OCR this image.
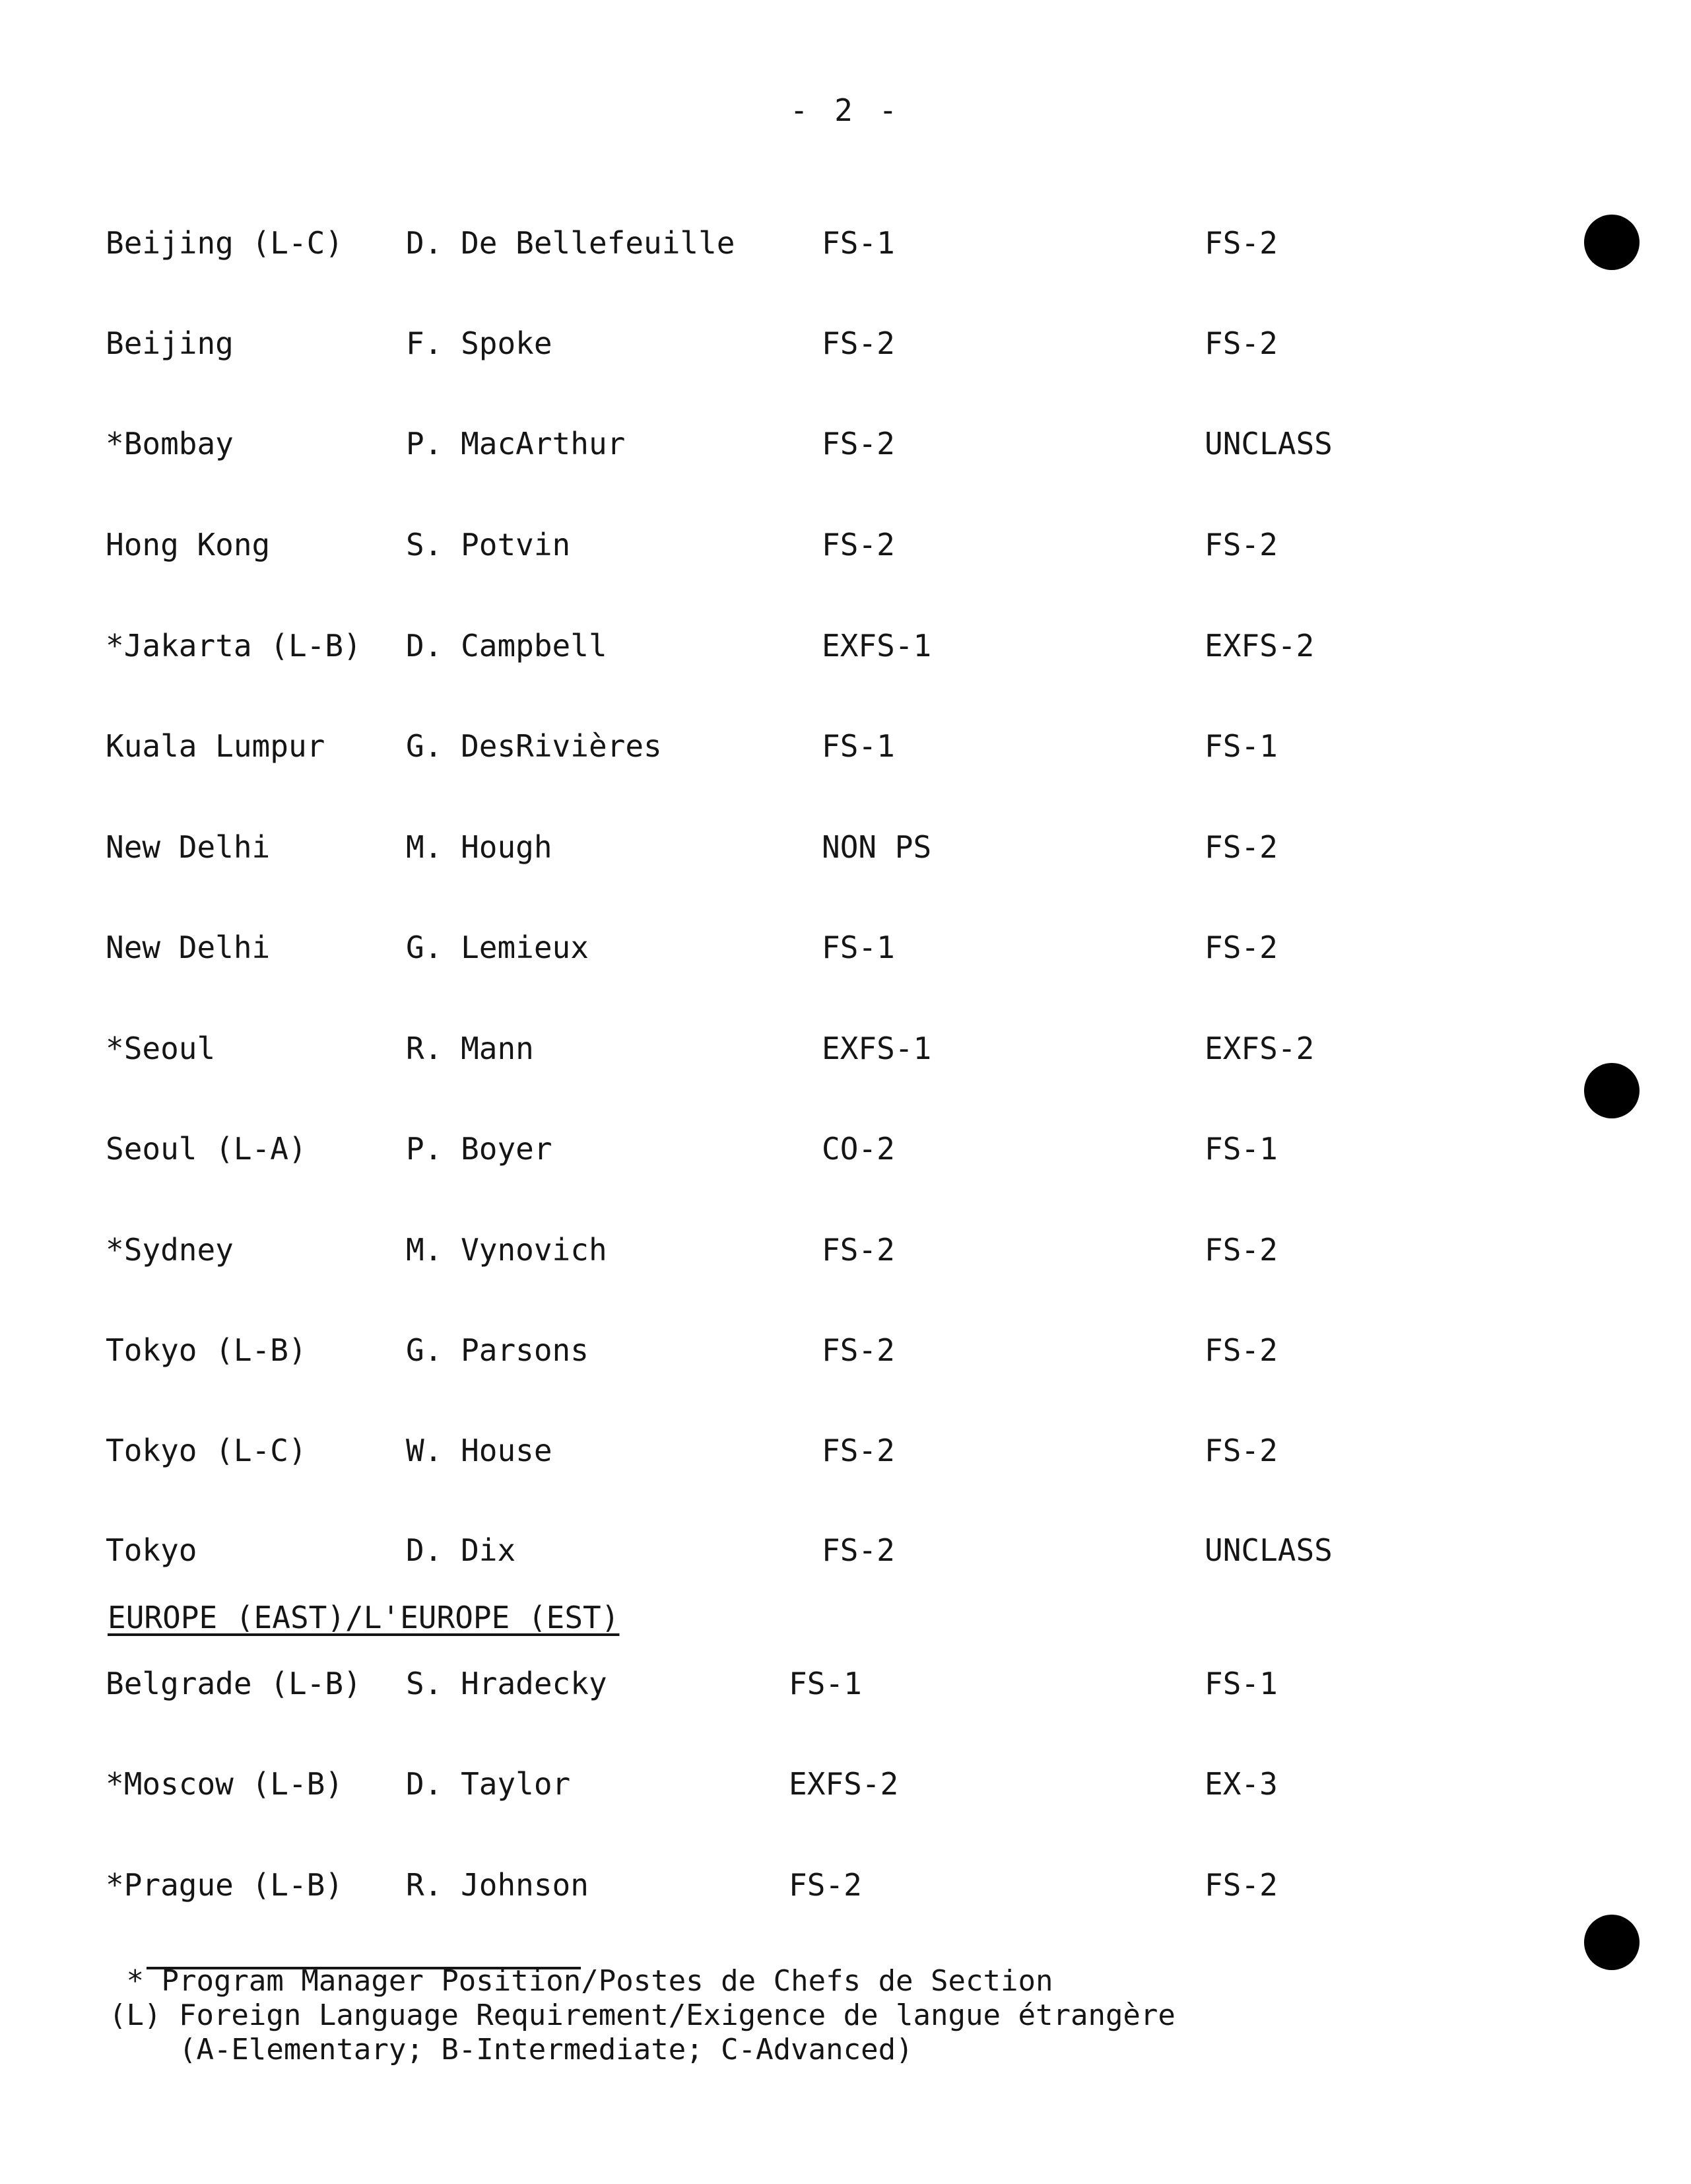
- 2 -
Beijing (L-C) D. De Bellefeuille	FS-1	FS-2
Beijing	F. Spoke	FS-2	FS-2
*Bombay	P. MacArthur	FS-2	UNCLASS
Hong Kong	S. Potvin	FS-2	FS-2
*Jakarta (L-B) D. Campbell	EXFS-1	EXFS-2
Kuala Lumpur	G. DesRivières	FS-1	FS-1
New Delhi	M. Hough	NON PS	FS-2
New Delhi	G. Lemieux	FS-1	FS-2
*Seoul	R. Mann	EXFS-1	EXFS-2
Seoul (L-A)	P. Boyer	CO-2	FS-1
*Sydney	M. Vynovich	FS-2	FS-2
Tokyo (L-B)	G. Parsons	FS-2	FS-2
Tokyo (L-C)	W. House	FS-2	FS-2
Tokyo	D. Dix	FS-2	UNCLASS
EUROPE (EAST)/L'EUROPE (EST)
Belgrade (L-B) S. Hradecky	FS-1	FS-1
*Moscow (L-B) D. Taylor	EXFS-2	EX-3
*Prague (L-B) R. Johnson	FS-2	FS-2
* Program Manager Position/Postes de Chefs de Section
(L) Foreign Language Requirement/Exigence de langue étrangère
(A-Elementary; B-Intermediate; C-Advanced)
